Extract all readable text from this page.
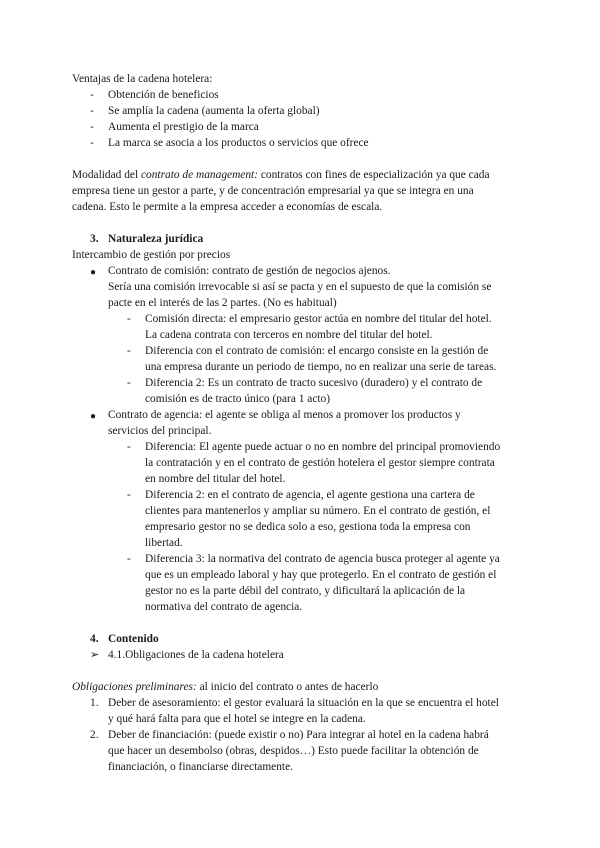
Ventajas de la cadena hotelera:
- Obtención de beneficios
- Se amplía la cadena (aumenta la oferta global)
- Aumenta el prestigio de la marca
- La marca se asocia a los productos o servicios que ofrece
Modalidad del contrato de management: contratos con fines de especialización ya que cada
empresa tiene un gestor a parte, y de concentración empresarial ya que se integra en una
cadena. Esto le permite a la empresa acceder a economías de escala.
3. Naturaleza jurídica
Intercambio de gestión por precios
● Contrato de comisión: contrato de gestión de negocios ajenos.
Sería una comisión irrevocable si así se pacta y en el supuesto de que la comisión se
pacte en el interés de las 2 partes. (No es habitual)
- Comisión directa: el empresario gestor actúa en nombre del titular del hotel.
La cadena contrata con terceros en nombre del titular del hotel.
- Diferencia con el contrato de comisión: el encargo consiste en la gestión de
una empresa durante un periodo de tiempo, no en realizar una serie de tareas.
- Diferencia 2: Es un contrato de tracto sucesivo (duradero) y el contrato de
comisión es de tracto único (para 1 acto)
● Contrato de agencia: el agente se obliga al menos a promover los productos y
servicios del principal.
- Diferencia: El agente puede actuar o no en nombre del principal promoviendo
la contratación y en el contrato de gestión hotelera el gestor siempre contrata
en nombre del titular del hotel.
- Diferencia 2: en el contrato de agencia, el agente gestiona una cartera de
clientes para mantenerlos y ampliar su número. En el contrato de gestión, el
empresario gestor no se dedica solo a eso, gestiona toda la empresa con
libertad.
- Diferencia 3: la normativa del contrato de agencia busca proteger al agente ya
que es un empleado laboral y hay que protegerlo. En el contrato de gestión el
gestor no es la parte débil del contrato, y dificultará la aplicación de la
normativa del contrato de agencia.
4. Contenido
➢ 4.1.Obligaciones de la cadena hotelera
Obligaciones preliminares: al inicio del contrato o antes de hacerlo
1. Deber de asesoramiento: el gestor evaluará la situación en la que se encuentra el hotel
y qué hará falta para que el hotel se integre en la cadena.
2. Deber de financiación: (puede existir o no) Para integrar al hotel en la cadena habrá
que hacer un desembolso (obras, despidos…) Esto puede facilitar la obtención de
financiación, o financiarse directamente.
